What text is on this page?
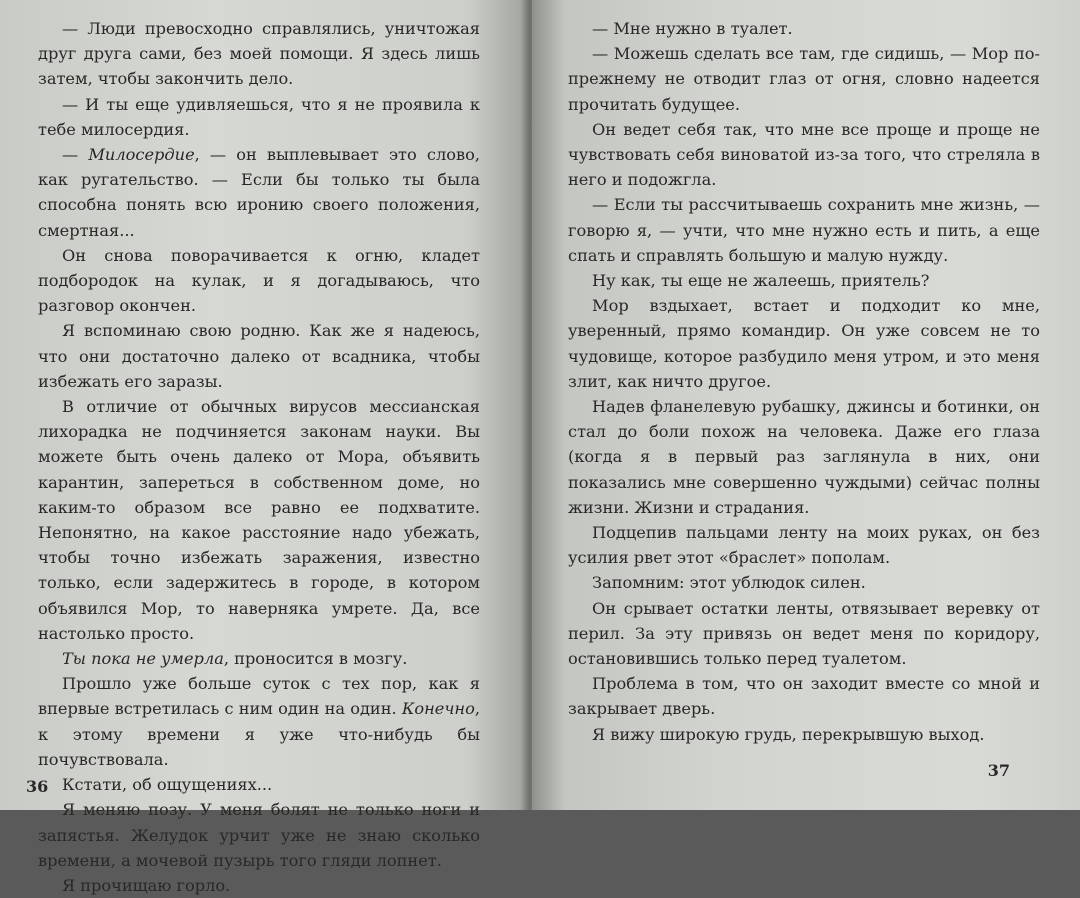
— Люди превосходно справлялись, уничтожая друг друга сами, без моей помощи. Я здесь лишь затем, чтобы закончить дело.

— И ты еще удивляешься, что я не проявила к тебе милосердия.

— Милосердие, — он выплевывает это слово, как ругательство. — Если бы только ты была способна понять всю иронию своего положения, смертная...

Он снова поворачивается к огню, кладет подбородок на кулак, и я догадываюсь, что разговор окончен.

Я вспоминаю свою родню. Как же я надеюсь, что они достаточно далеко от всадника, чтобы избежать его заразы.

В отличие от обычных вирусов мессианская лихорадка не подчиняется законам науки. Вы можете быть очень далеко от Мора, объявить карантин, запереться в собственном доме, но каким-то образом все равно ее подхватите. Непонятно, на какое расстояние надо убежать, чтобы точно избежать заражения, известно только, если задержитесь в городе, в котором объявился Мор, то наверняка умрете. Да, все настолько просто.

Ты пока не умерла, проносится в мозгу.

Прошло уже больше суток с тех пор, как я впервые встретилась с ним один на один. Конечно, к этому времени я уже что-нибудь бы почувствовала.

Кстати, об ощущениях...

Я меняю позу. У меня болят не только ноги и запястья. Желудок урчит уже не знаю сколько времени, а мочевой пузырь того гляди лопнет.

Я прочищаю горло.

36

— Мне нужно в туалет.

— Можешь сделать все там, где сидишь, — Мор по-прежнему не отводит глаз от огня, словно надеется прочитать будущее.

Он ведет себя так, что мне все проще и проще не чувствовать себя виноватой из-за того, что стреляла в него и подожгла.

— Если ты рассчитываешь сохранить мне жизнь, — говорю я, — учти, что мне нужно есть и пить, а еще спать и справлять большую и малую нужду.

Ну как, ты еще не жалеешь, приятель?

Мор вздыхает, встает и подходит ко мне, уверенный, прямо командир. Он уже совсем не то чудовище, которое разбудило меня утром, и это меня злит, как ничто другое.

Надев фланелевую рубашку, джинсы и ботинки, он стал до боли похож на человека. Даже его глаза (когда я в первый раз заглянула в них, они показались мне совершенно чуждыми) сейчас полны жизни. Жизни и страдания.

Подцепив пальцами ленту на моих руках, он без усилия рвет этот «браслет» пополам.

Запомним: этот ублюдок силен.

Он срывает остатки ленты, отвязывает веревку от перил. За эту привязь он ведет меня по коридору, остановившись только перед туалетом.

Проблема в том, что он заходит вместе со мной и закрывает дверь.

Я вижу широкую грудь, перекрывшую выход.

37
